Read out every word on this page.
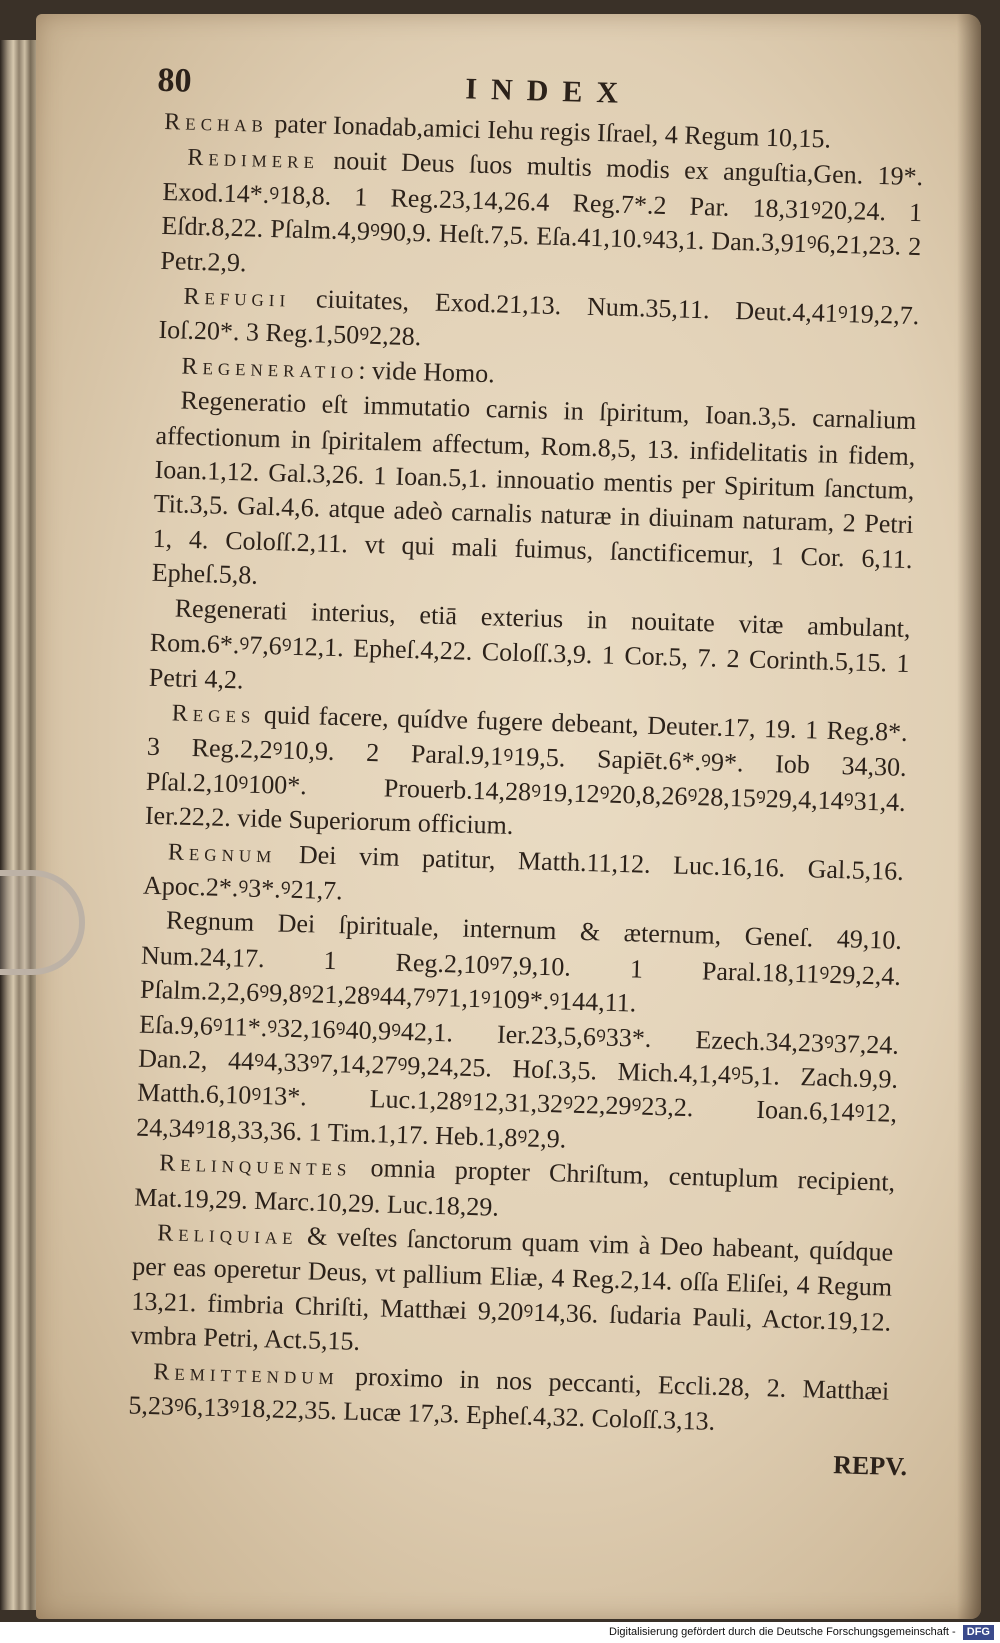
80	INDEX

Rechab pater Ionadab,amici Iehu regis Iſrael, 4 Regum 10,15.

Redimere nouit Deus ſuos multis modis ex anguſtia,Gen. 19*. Exod.14*.ꝰ18,8. 1 Reg.23,14,26.4 Reg.7*.2 Par. 18,31ꝰ20,24. 1 Eſdr.8,22. Pſalm.4,9ꝰ90,9. Heſt.7,5. Eſa.41,10.ꝰ43,1. Dan.3,91ꝰ6,21,23. 2 Petr.2,9.

Refugii ciuitates, Exod.21,13. Num.35,11. Deut.4,41ꝰ19,2,7. Ioſ.20*. 3 Reg.1,50ꝰ2,28.

Regeneratio: vide Homo.

Regeneratio eſt immutatio carnis in ſpiritum, Ioan.3,5. carnalium affectionum in ſpiritalem affectum, Rom.8,5, 13. infidelitatis in fidem, Ioan.1,12. Gal.3,26. 1 Ioan.5,1. innouatio mentis per Spiritum ſanctum, Tit.3,5. Gal.4,6. atque adeò carnalis naturæ in diuinam naturam, 2 Petri 1, 4. Coloſſ.2,11. vt qui mali fuimus, ſanctificemur, 1 Cor. 6,11. Epheſ.5,8.

Regenerati interius, etiā exterius in nouitate vitæ ambulant, Rom.6*.ꝰ7,6ꝰ12,1. Epheſ.4,22. Coloſſ.3,9. 1 Cor.5, 7. 2 Corinth.5,15. 1 Petri 4,2.

Reges quid facere, quídve fugere debeant, Deuter.17, 19. 1 Reg.8*. 3 Reg.2,2ꝰ10,9. 2 Paral.9,1ꝰ19,5. Sapiēt.6*.ꝰ9*. Iob 34,30. Pſal.2,10ꝰ100*. Prouerb.14,28ꝰ19,12ꝰ20,8,26ꝰ28,15ꝰ29,4,14ꝰ31,4. Ier.22,2. vide Superiorum officium.

Regnum Dei vim patitur, Matth.11,12. Luc.16,16. Gal.5,16. Apoc.2*.ꝰ3*.ꝰ21,7.

Regnum Dei ſpirituale, internum & æternum, Geneſ. 49,10. Num.24,17. 1 Reg.2,10ꝰ7,9,10. 1 Paral.18,11ꝰ29,2,4. Pſalm.2,2,6ꝰ9,8ꝰ21,28ꝰ44,7ꝰ71,1ꝰ109*.ꝰ144,11. Eſa.9,6ꝰ11*.ꝰ32,16ꝰ40,9ꝰ42,1. Ier.23,5,6ꝰ33*. Ezech.34,23ꝰ37,24. Dan.2, 44ꝰ4,33ꝰ7,14,27ꝰ9,24,25. Hoſ.3,5. Mich.4,1,4ꝰ5,1. Zach.9,9. Matth.6,10ꝰ13*. Luc.1,28ꝰ12,31,32ꝰ22,29ꝰ23,2. Ioan.6,14ꝰ12, 24,34ꝰ18,33,36. 1 Tim.1,17. Heb.1,8ꝰ2,9.

Relinquentes omnia propter Chriſtum, centuplum recipient, Mat.19,29. Marc.10,29. Luc.18,29.

Reliquiae & veſtes ſanctorum quam vim à Deo habeant, quídque per eas operetur Deus, vt pallium Eliæ, 4 Reg.2,14. oſſa Eliſei, 4 Regum 13,21. fimbria Chriſti, Matthæi 9,20ꝰ14,36. ſudaria Pauli, Actor.19,12. vmbra Petri, Act.5,15.

Remittendum proximo in nos peccanti, Eccli.28, 2. Matthæi 5,23ꝰ6,13ꝰ18,22,35. Lucæ 17,3. Epheſ.4,32. Coloſſ.3,13.

REPV.
Digitalisierung gefördert durch die Deutsche Forschungsgemeinschaft - DFG
